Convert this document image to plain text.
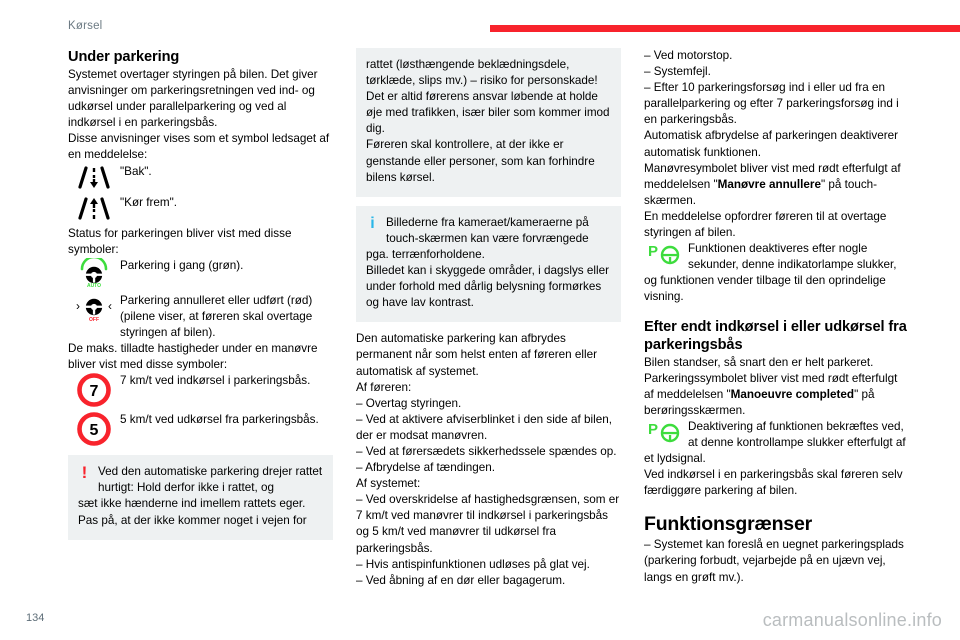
Kørsel
Under parkering

Systemet overtager styringen på bilen. Det giver anvisninger om parkeringsretningen ved ind- og udkørsel under parallelparkering og ved al indkørsel i en parkeringsbås.

Disse anvisninger vises som et symbol ledsaget af en meddelelse:

"Bak".
"Kør frem".

Status for parkeringen bliver vist med disse symboler:

AUTO
Parkering i gang (grøn).
› ‹
OFF
Parkering annulleret eller udført (rød) (pilene viser, at føreren skal overtage styringen af bilen).

De maks. tilladte hastigheder under en manøvre bliver vist med disse symboler:

7
7 km/t ved indkørsel i parkeringsbås.
5
5 km/t ved udkørsel fra parkeringsbås.
! Ved den automatiske parkering drejer rattet hurtigt: Hold derfor ikke i rattet, og

sæt ikke hænderne ind imellem rattets eger. Pas på, at der ikke kommer noget i vejen for

rattet (løsthængende beklædningsdele, tørklæde, slips mv.) – risiko for personskade!

Det er altid førerens ansvar løbende at holde øje med trafikken, især biler som kommer imod dig.

Føreren skal kontrollere, at der ikke er genstande eller personer, som kan forhindre bilens kørsel.

i Billederne fra kameraet/kameraerne på touch-skærmen kan være forvrængede

pga. terrænforholdene.

Billedet kan i skyggede områder, i dagslys eller under forhold med dårlig belysning formørkes og have lav kontrast.

Den automatiske parkering kan afbrydes permanent når som helst enten af føreren eller automatisk af systemet.

Af føreren:

– Overtag styringen.

– Ved at aktivere afviserblinket i den side af bilen, der er modsat manøvren.

– Ved at førersædets sikkerhedssele spændes op.

– Afbrydelse af tændingen.

Af systemet:

– Ved overskridelse af hastighedsgrænsen, som er 7 km/t ved manøvrer til indkørsel i parkeringsbås og 5 km/t ved manøvrer til udkørsel fra parkeringsbås.

– Hvis antispinfunktionen udløses på glat vej.

– Ved åbning af en dør eller bagagerum.

– Ved motorstop.

– Systemfejl.

– Efter 10 parkeringsforsøg ind i eller ud fra en parallelparkering og efter 7 parkeringsforsøg ind i en parkeringsbås.

Automatisk afbrydelse af parkeringen deaktiverer automatisk funktionen.

Manøvresymbolet bliver vist med rødt efterfulgt af meddelelsen "Manøvre annullere" på touch-skærmen.

En meddelelse opfordrer føreren til at overtage styringen af bilen.

P	Funktionen deaktiveres efter nogle sekunder, denne indikatorlampe slukker,

og funktionen vender tilbage til den oprindelige visning.

Efter endt indkørsel i eller udkørsel fra parkeringsbås

Bilen standser, så snart den er helt parkeret.

Parkeringssymbolet bliver vist med rødt efterfulgt af meddelelsen "Manoeuvre completed" på berøringsskærmen.

P	Deaktivering af funktionen bekræftes ved, at denne kontrollampe slukker efterfulgt af

et lydsignal.

Ved indkørsel i en parkeringsbås skal føreren selv færdiggøre parkering af bilen.

Funktionsgrænser

– Systemet kan foreslå en uegnet parkeringsplads (parkering forbudt, vejarbejde på en ujævn vej, langs en grøft mv.).

134	carmanualsonline.info
